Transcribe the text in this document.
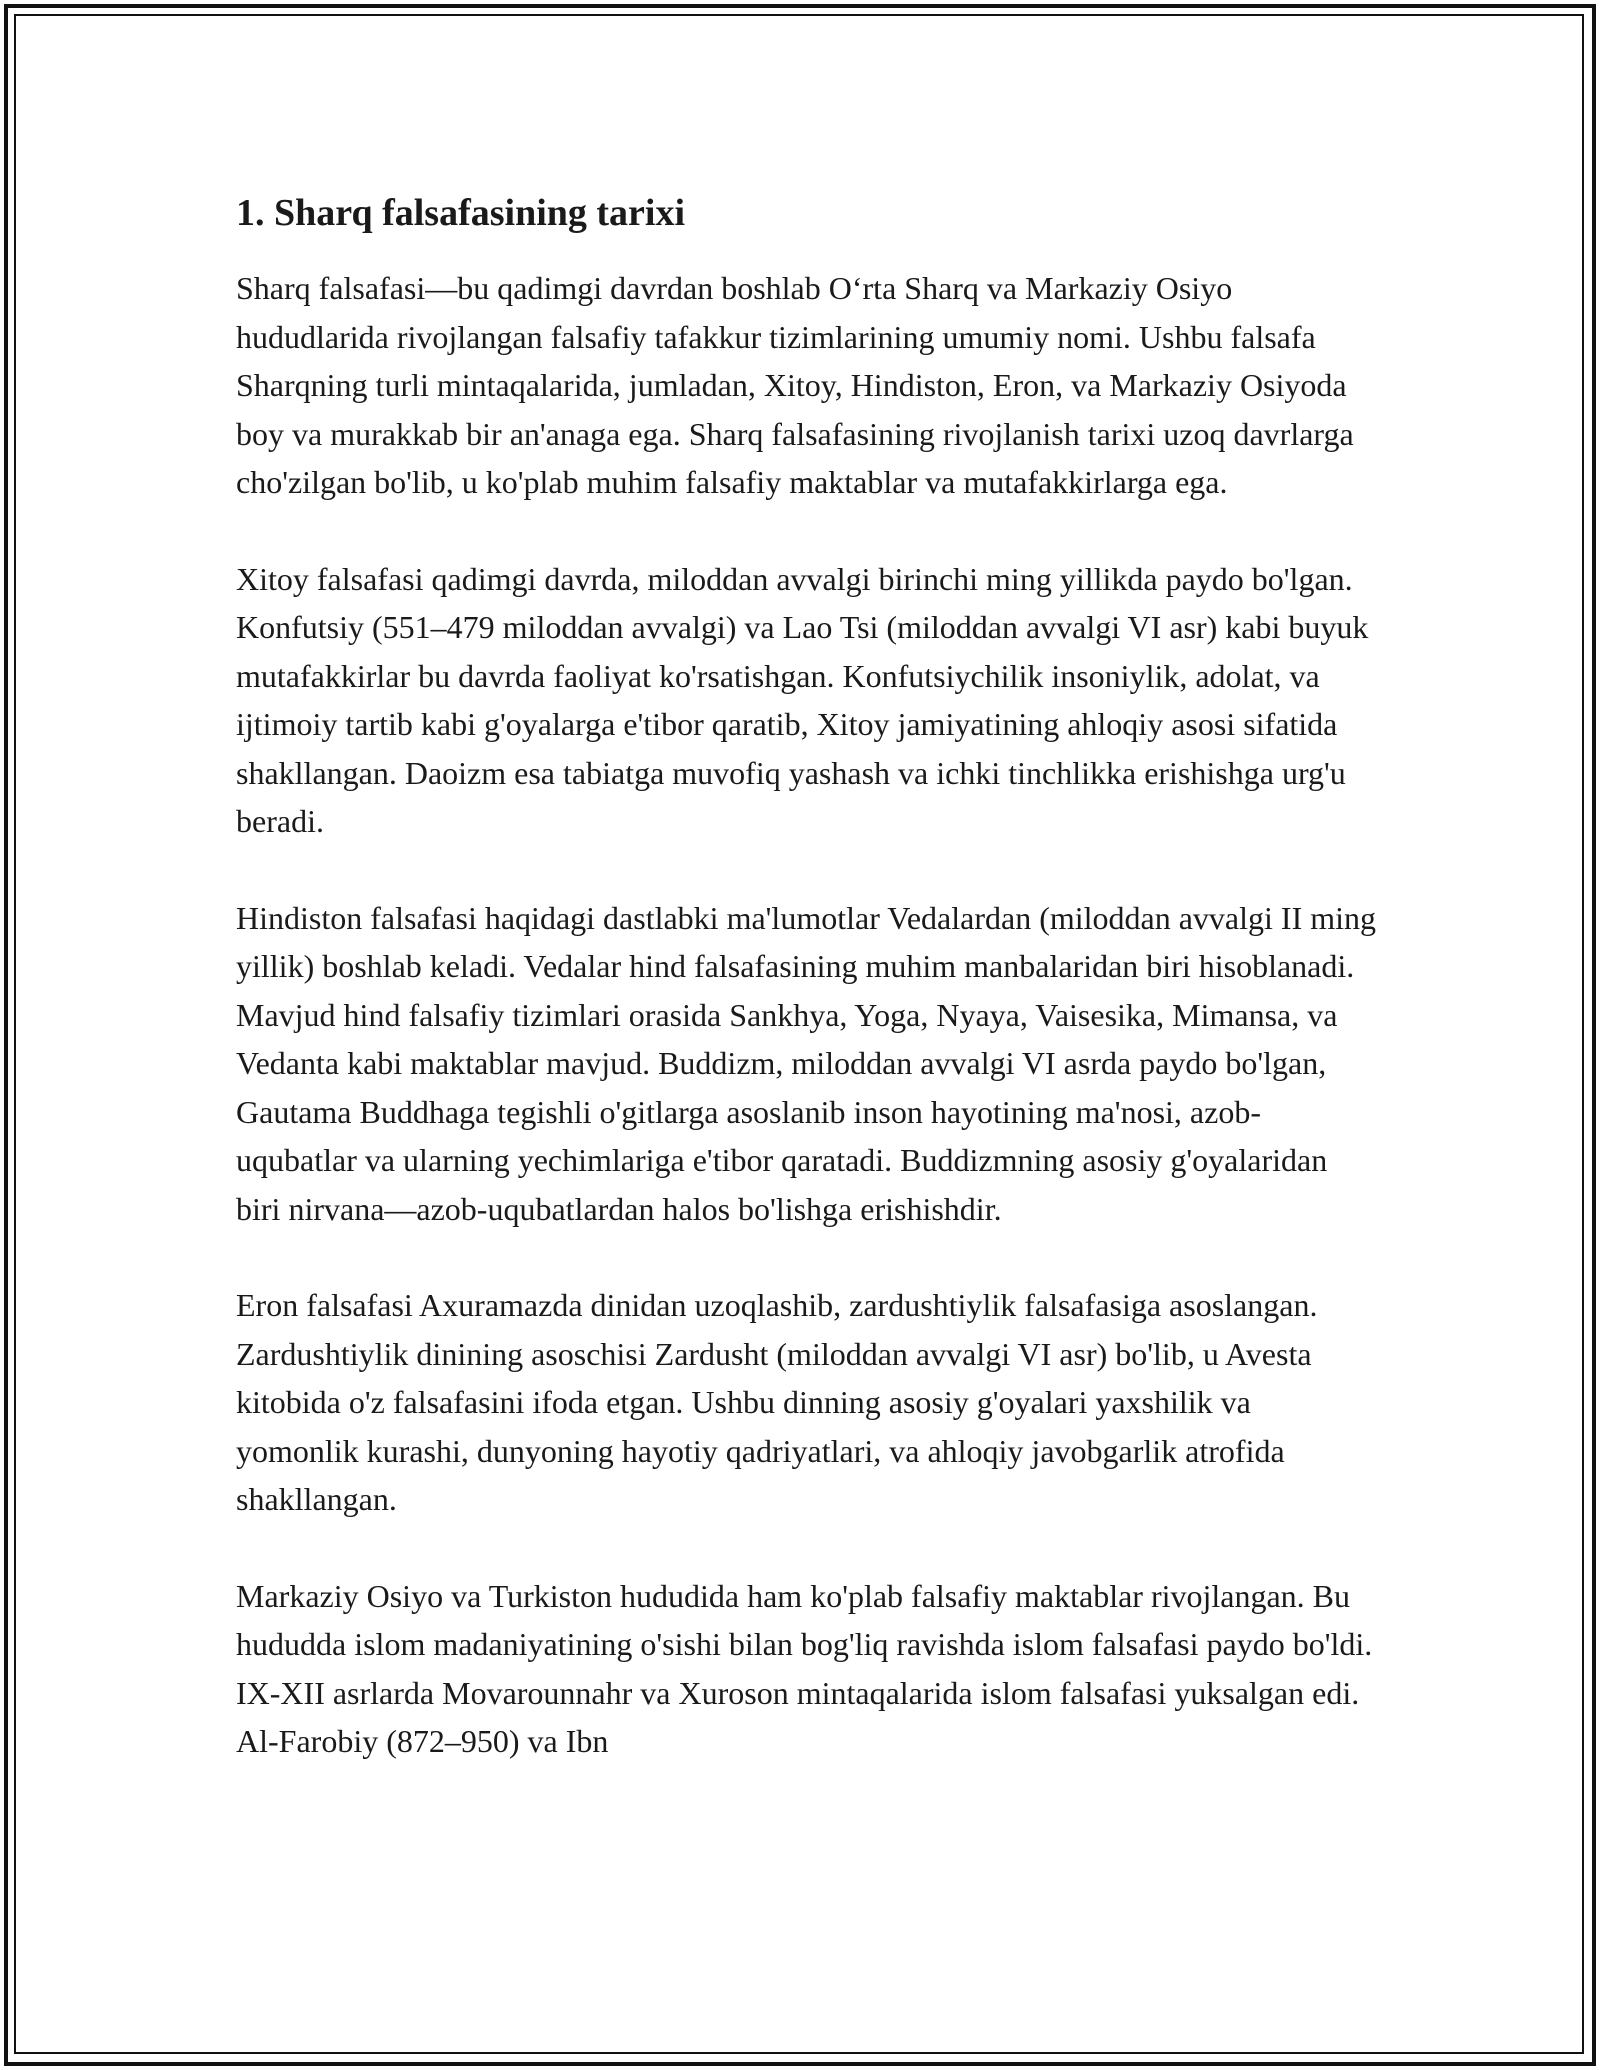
1. Sharq falsafasining tarixi

Sharq falsafasi—bu qadimgi davrdan boshlab O‘rta Sharq va Markaziy Osiyo hududlarida rivojlangan falsafiy tafakkur tizimlarining umumiy nomi. Ushbu falsafa Sharqning turli mintaqalarida, jumladan, Xitoy, Hindiston, Eron, va Markaziy Osiyoda boy va murakkab bir an'anaga ega. Sharq falsafasining rivojlanish tarixi uzoq davrlarga cho'zilgan bo'lib, u ko'plab muhim falsafiy maktablar va mutafakkirlarga ega.

Xitoy falsafasi qadimgi davrda, miloddan avvalgi birinchi ming yillikda paydo bo'lgan. Konfutsiy (551–479 miloddan avvalgi) va Lao Tsi (miloddan avvalgi VI asr) kabi buyuk mutafakkirlar bu davrda faoliyat ko'rsatishgan. Konfutsiychilik insoniylik, adolat, va ijtimoiy tartib kabi g'oyalarga e'tibor qaratib, Xitoy jamiyatining ahloqiy asosi sifatida shakllangan. Daoizm esa tabiatga muvofiq yashash va ichki tinchlikka erishishga urg'u beradi.

Hindiston falsafasi haqidagi dastlabki ma'lumotlar Vedalardan (miloddan avvalgi II ming yillik) boshlab keladi. Vedalar hind falsafasining muhim manbalaridan biri hisoblanadi. Mavjud hind falsafiy tizimlari orasida Sankhya, Yoga, Nyaya, Vaisesika, Mimansa, va Vedanta kabi maktablar mavjud. Buddizm, miloddan avvalgi VI asrda paydo bo'lgan, Gautama Buddhaga tegishli o'gitlarga asoslanib inson hayotining ma'nosi, azob-uqubatlar va ularning yechimlariga e'tibor qaratadi. Buddizmning asosiy g'oyalaridan biri nirvana—azob-uqubatlardan halos bo'lishga erishishdir.

Eron falsafasi Axuramazda dinidan uzoqlashib, zardushtiylik falsafasiga asoslangan. Zardushtiylik dinining asoschisi Zardusht (miloddan avvalgi VI asr) bo'lib, u Avesta kitobida o'z falsafasini ifoda etgan. Ushbu dinning asosiy g'oyalari yaxshilik va yomonlik kurashi, dunyoning hayotiy qadriyatlari, va ahloqiy javobgarlik atrofida shakllangan.

Markaziy Osiyo va Turkiston hududida ham ko'plab falsafiy maktablar rivojlangan. Bu hududda islom madaniyatining o'sishi bilan bog'liq ravishda islom falsafasi paydo bo'ldi. IX-XII asrlarda Movarounnahr va Xuroson mintaqalarida islom falsafasi yuksalgan edi. Al-Farobiy (872–950) va Ibn
